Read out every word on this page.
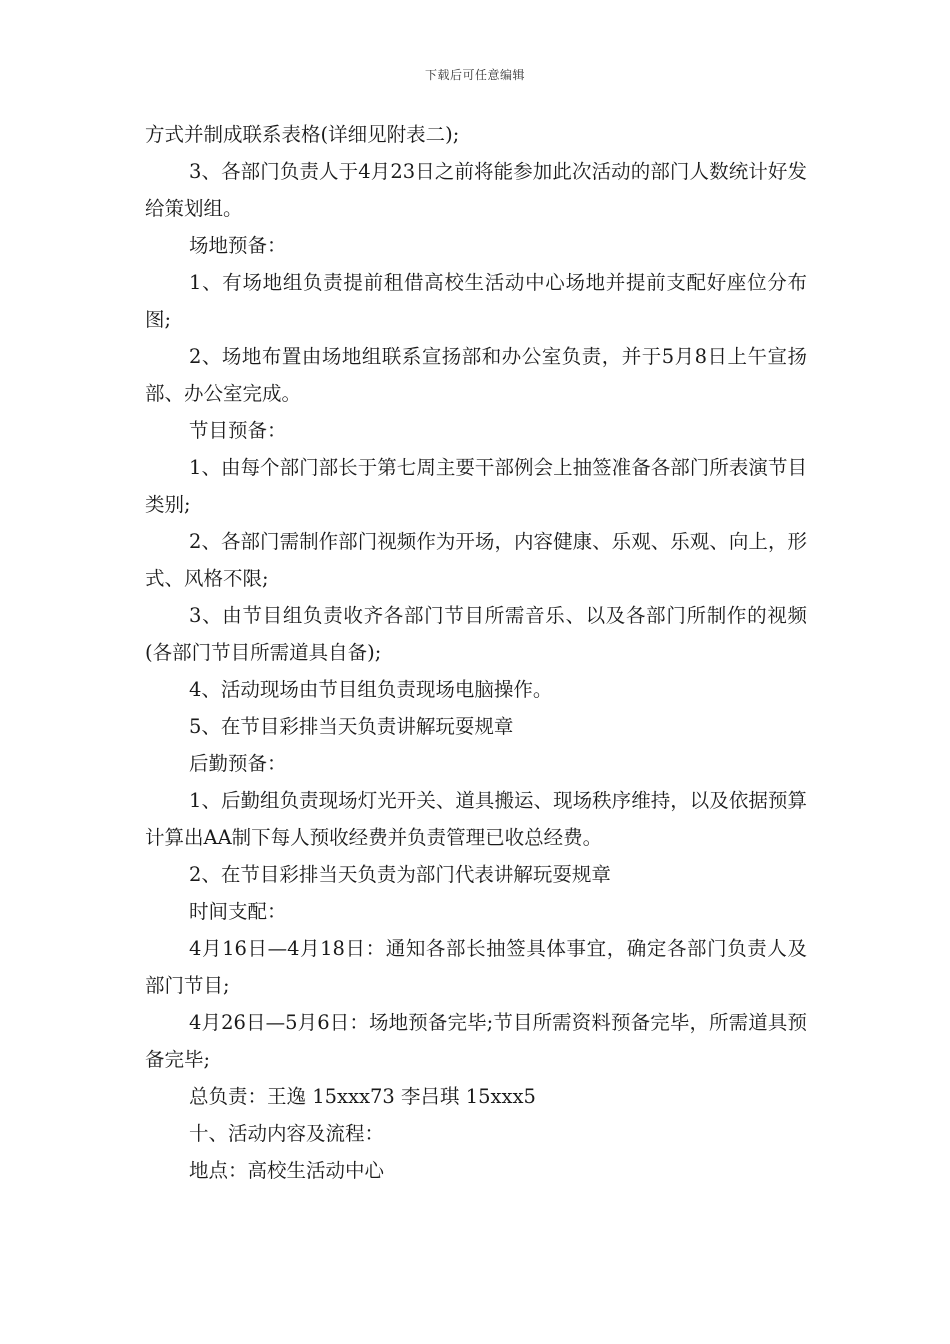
下载后可任意编辑

方式并制成联系表格(详细见附表二);

3、各部门负责人于4月23日之前将能参加此次活动的部门人数统计好发给策划组。

场地预备：

1、有场地组负责提前租借高校生活动中心场地并提前支配好座位分布图;

2、场地布置由场地组联系宣扬部和办公室负责，并于5月8日上午宣扬部、办公室完成。

节目预备：

1、由每个部门部长于第七周主要干部例会上抽签准备各部门所表演节目类别;

2、各部门需制作部门视频作为开场，内容健康、乐观、乐观、向上，形式、风格不限;

3、由节目组负责收齐各部门节目所需音乐、以及各部门所制作的视频(各部门节目所需道具自备);

4、活动现场由节目组负责现场电脑操作。

5、在节目彩排当天负责讲解玩耍规章

后勤预备：

1、后勤组负责现场灯光开关、道具搬运、现场秩序维持，以及依据预算计算出AA制下每人预收经费并负责管理已收总经费。

2、在节目彩排当天负责为部门代表讲解玩耍规章

时间支配：

4月16日—4月18日：通知各部长抽签具体事宜，确定各部门负责人及部门节目;

4月26日—5月6日：场地预备完毕;节目所需资料预备完毕，所需道具预备完毕;

总负责：王逸 15xxx73 李吕琪 15xxx5

十、活动内容及流程：

地点：高校生活动中心
